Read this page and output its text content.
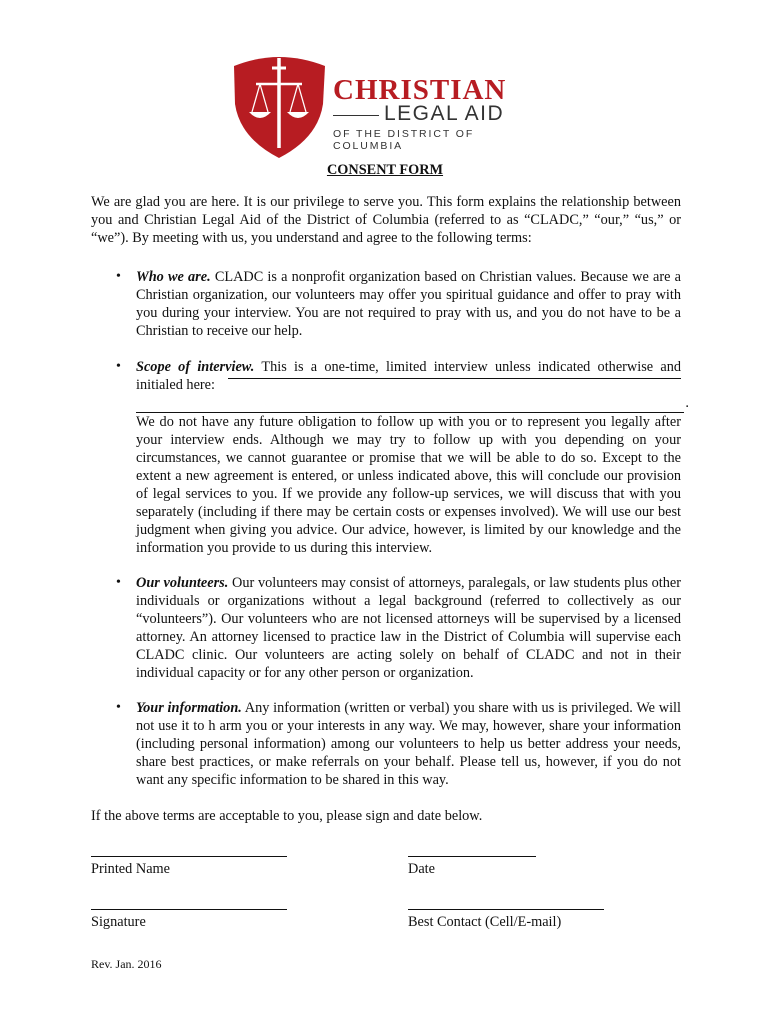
CHRISTIAN
LEGAL AID
OF THE DISTRICT OF COLUMBIA
CONSENT FORM

We are glad you are here. It is our privilege to serve you. This form explains the relationship between you and Christian Legal Aid of the District of Columbia (referred to as “CLADC,” “our,” “us,” or “we”). By meeting with us, you understand and agree to the following terms:

• Who we are. CLADC is a nonprofit organization based on Christian values. Because we are a Christian organization, our volunteers may offer you spiritual guidance and offer to pray with you during your interview. You are not required to pray with us, and you do not have to be a Christian to receive our help.

• Scope of interview. This is a one-time, limited interview unless indicated otherwise and initialed here:
.
We do not have any future obligation to follow up with you or to represent you legally after your interview ends. Although we may try to follow up with you depending on your circumstances, we cannot guarantee or promise that we will be able to do so. Except to the extent a new agreement is entered, or unless indicated above, this will conclude our provision of legal services to you. If we provide any follow-up services, we will discuss that with you separately (including if there may be certain costs or expenses involved). We will use our best judgment when giving you advice. Our advice, however, is limited by our knowledge and the information you provide to us during this interview.
• Our volunteers. Our volunteers may consist of attorneys, paralegals, or law students plus other individuals or organizations without a legal background (referred to collectively as our “volunteers”). Our volunteers who are not licensed attorneys will be supervised by a licensed attorney. An attorney licensed to practice law in the District of Columbia will supervise each CLADC clinic. Our volunteers are acting solely on behalf of CLADC and not in their individual capacity or for any other person or organization.

• Your information. Any information (written or verbal) you share with us is privileged. We will not use it to h arm you or your interests in any way. We may, however, share your information (including personal information) among our volunteers to help us better address your needs, share best practices, or make referrals on your behalf. Please tell us, however, if you do not want any specific information to be shared in this way.

If the above terms are acceptable to you, please sign and date below.

Printed Name	Date
Signature	Best Contact (Cell/E-mail)
Rev. Jan. 2016
